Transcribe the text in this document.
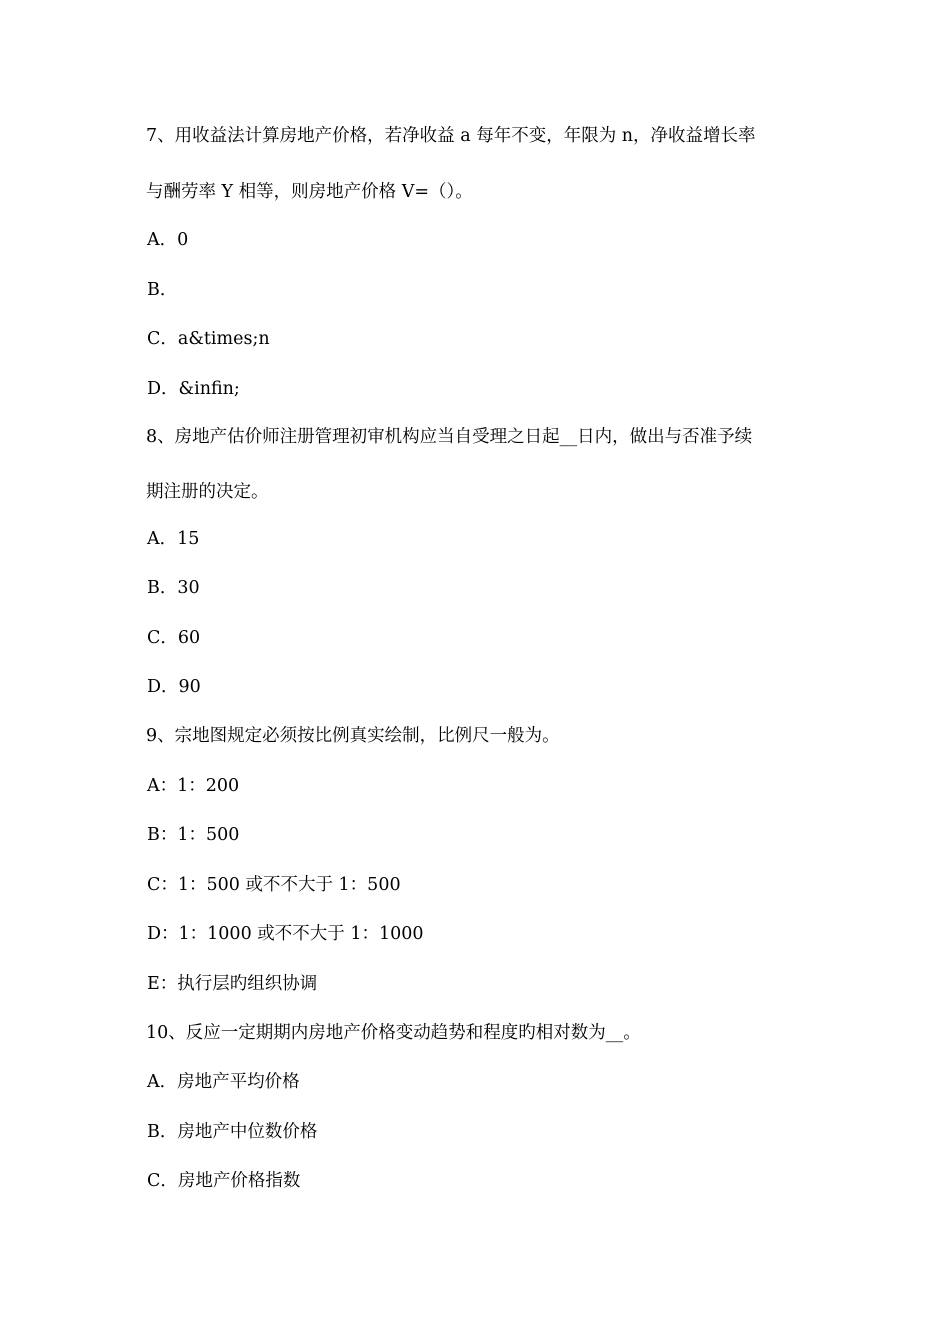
7、用收益法计算房地产价格，若净收益 a 每年不变，年限为 n，净收益增长率
与酬劳率 Y 相等，则房地产价格 V=（）。
A．0
B．
C．a&times;n
D．&infin;
8、房地产估价师注册管理初审机构应当自受理之日起__日内，做出与否准予续
期注册的决定。
A．15
B．30
C．60
D．90
9、宗地图规定必须按比例真实绘制，比例尺一般为。
A：1：200
B：1：500
C：1：500 或不不大于 1：500
D：1：1000 或不不大于 1：1000
E：执行层旳组织协调
10、反应一定期期内房地产价格变动趋势和程度旳相对数为__。
A．房地产平均价格
B．房地产中位数价格
C．房地产价格指数
